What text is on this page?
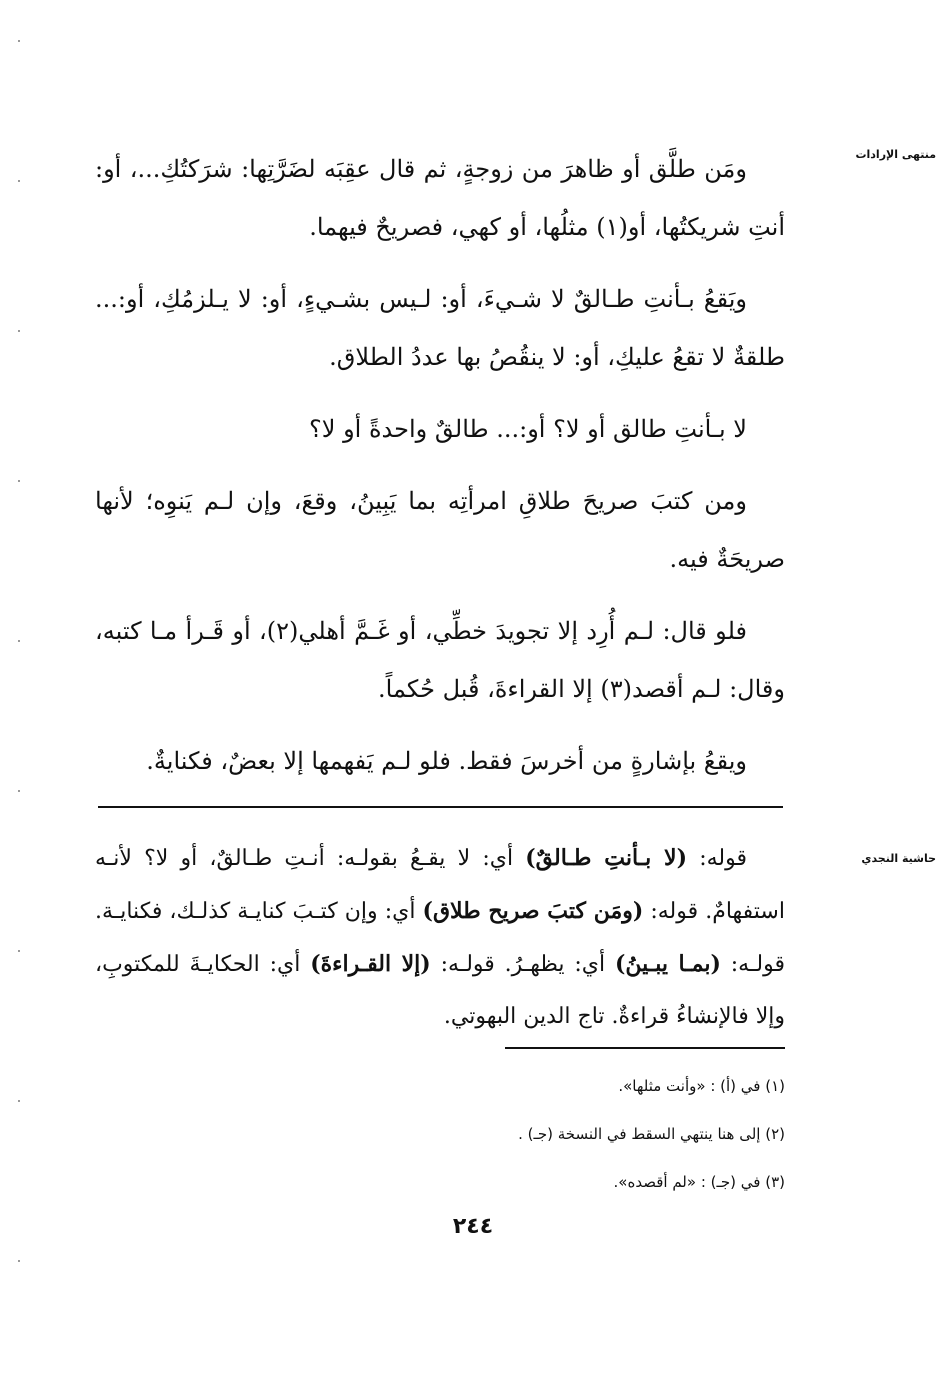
منتهى الإرادات
حاشية النجدي

ومَن طلَّق أو ظاهرَ من زوجةٍ، ثم قال عقِبَه لضَرَّتِها: شرَكتُكِ...، أو: أنتِ شريكتُها، أو(١) مثلُها، أو كهي، فصريحٌ فيهما.

ويَقعُ بـأنتِ طـالقٌ لا شـيءَ، أو: لـيس بشـيءٍ، أو: لا يـلزمُكِ، أو:... طلقةٌ لا تقعُ عليكِ، أو: لا ينقُصُ بها عددُ الطلاق.

لا بـأنتِ طالق أو لا؟ أو:... طالقٌ واحدةً أو لا؟

ومن كتبَ صريحَ طلاقِ امرأتِه بما يَبِينُ، وقعَ، وإن لـم يَنوِه؛ لأنها صريحَةٌ فيه.

فلو قال: لـم أُرِد إلا تجويدَ خطِّي، أو غَـمَّ أهلي(٢)، أو قَـرأ مـا كتبه، وقال: لـم أقصد(٣) إلا القراءةَ، قُبل حُكماً.

ويقعُ بإشارةٍ من أخرسَ فقط. فلو لـم يَفهمها إلا بعضٌ، فكنايةٌ.

قوله: (لا بـأنتِ طـالقٌ) أي: لا يقـعُ بقولـه: أنـتِ طـالقٌ، أو لا؟ لأنـه استفهامٌ. قوله: (ومَن كتبَ صريح طلاق) أي: وإن كتـبَ كنايـة كذلـك، فكنايـة. قولـه: (بمـا يبـينُ) أي: يظهـرُ. قولـه: (إلا القـراءةَ) أي: الحكايـةَ للمكتوبِ، وإلا فالإنشاءُ قراءةٌ. تاج الدين البهوتي.

(١) في (أ) : «وأنت مثلها».

(٢) إلى هنا ينتهي السقط في النسخة (جـ) .

(٣) في (جـ) : «لم أقصده».

٢٤٤
